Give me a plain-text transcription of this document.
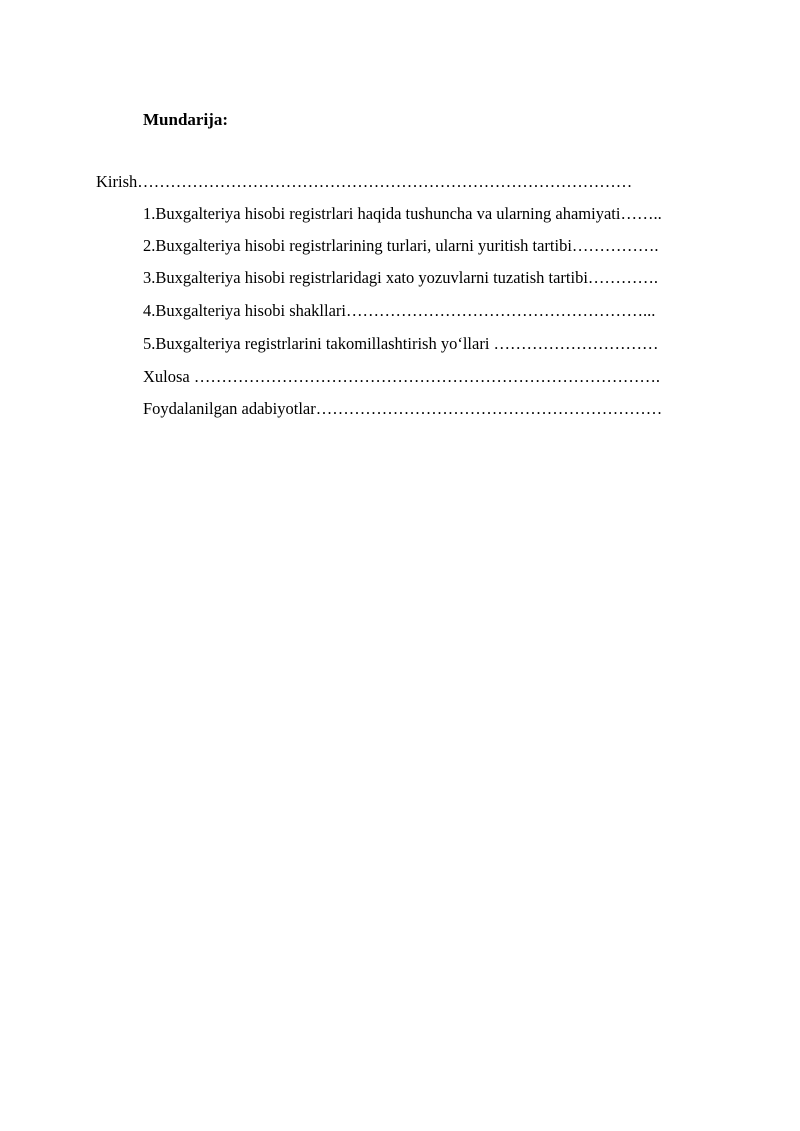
Mundarija:
Kirish………………………………………………………………………………
1.Buxgalteriya hisobi registrlari haqida tushuncha va ularning ahamiyati……..
2.Buxgalteriya hisobi registrlarining turlari, ularni yuritish tartibi…………….
3.Buxgalteriya hisobi registrlaridagi xato yozuvlarni tuzatish tartibi………….
4.Buxgalteriya hisobi shakllari………………………………………………...
5.Buxgalteriya registrlarini takomillashtirish yo‘llari …………………………
Xulosa ………………………………………………………………………….
Foydalanilgan adabiyotlar………………………………………………………
